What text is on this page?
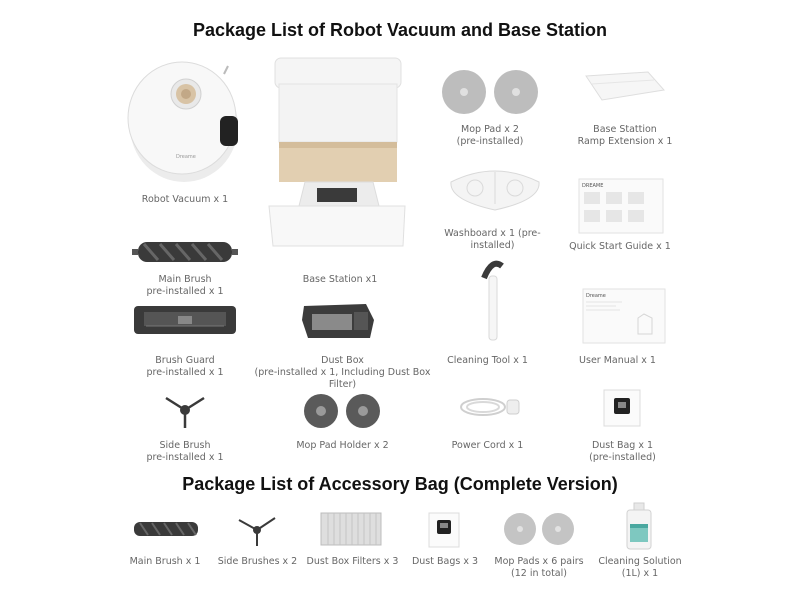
Package List of Robot Vacuum and Base Station
Package List of Accessory Bag (Complete Version)
Dreame
Robot Vacuum x 1
Base Station x1
Mop Pad x 2
(pre-installed)
Base Stattion
Ramp Extension x 1
Washboard x 1 (pre-installed)
DREAME
Quick Start Guide x 1
Main Brush
pre-installed x 1
Brush Guard
pre-installed x 1
Dust Box
(pre-installed x 1, Including Dust Box Filter)
Cleaning Tool x 1
Dreame
User Manual x 1
Side Brush
pre-installed x 1
Mop Pad Holder x 2	Power Cord x 1	Dust Bag x 1
(pre-installed)
Main Brush x 1	Side Brushes x 2 Dust Box Filters x 3	Dust Bags x 3	Mop Pads x 6 pairs
(12 in total)
Cleaning Solution
(1L) x 1
